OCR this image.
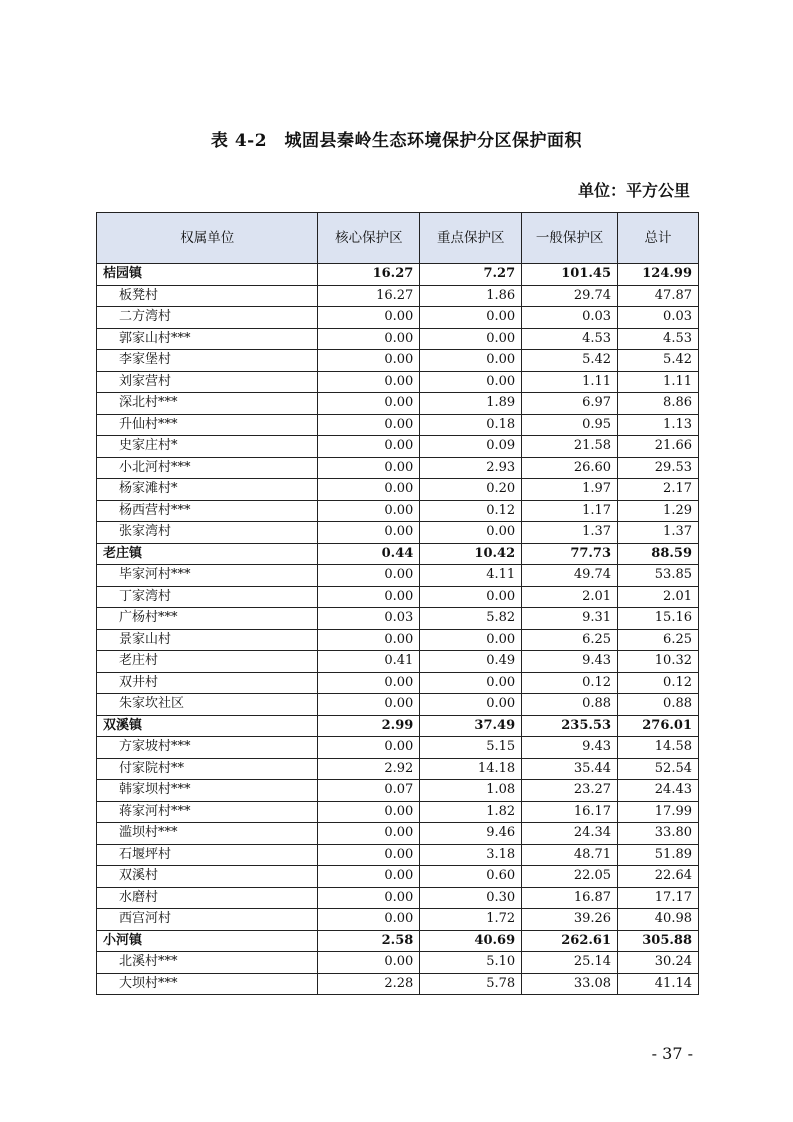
表 4-2　城固县秦岭生态环境保护分区保护面积
单位：平方公里
权属单位	核心保护区	重点保护区	一般保护区	总计
桔园镇	16.27	7.27	101.45	124.99
板凳村	16.27	1.86	29.74	47.87
二方湾村	0.00	0.00	0.03	0.03
郭家山村***	0.00	0.00	4.53	4.53
李家堡村	0.00	0.00	5.42	5.42
刘家营村	0.00	0.00	1.11	1.11
深北村***	0.00	1.89	6.97	8.86
升仙村***	0.00	0.18	0.95	1.13
史家庄村*	0.00	0.09	21.58	21.66
小北河村***	0.00	2.93	26.60	29.53
杨家滩村*	0.00	0.20	1.97	2.17
杨西营村***	0.00	0.12	1.17	1.29
张家湾村	0.00	0.00	1.37	1.37
老庄镇	0.44	10.42	77.73	88.59
毕家河村***	0.00	4.11	49.74	53.85
丁家湾村	0.00	0.00	2.01	2.01
广杨村***	0.03	5.82	9.31	15.16
景家山村	0.00	0.00	6.25	6.25
老庄村	0.41	0.49	9.43	10.32
双井村	0.00	0.00	0.12	0.12
朱家坎社区	0.00	0.00	0.88	0.88
双溪镇	2.99	37.49	235.53	276.01
方家坡村***	0.00	5.15	9.43	14.58
付家院村**	2.92	14.18	35.44	52.54
韩家坝村***	0.07	1.08	23.27	24.43
蒋家河村***	0.00	1.82	16.17	17.99
滥坝村***	0.00	9.46	24.34	33.80
石堰坪村	0.00	3.18	48.71	51.89
双溪村	0.00	0.60	22.05	22.64
水磨村	0.00	0.30	16.87	17.17
西宫河村	0.00	1.72	39.26	40.98
小河镇	2.58	40.69	262.61	305.88
北溪村***	0.00	5.10	25.14	30.24
大坝村***	2.28	5.78	33.08	41.14
- 37 -
